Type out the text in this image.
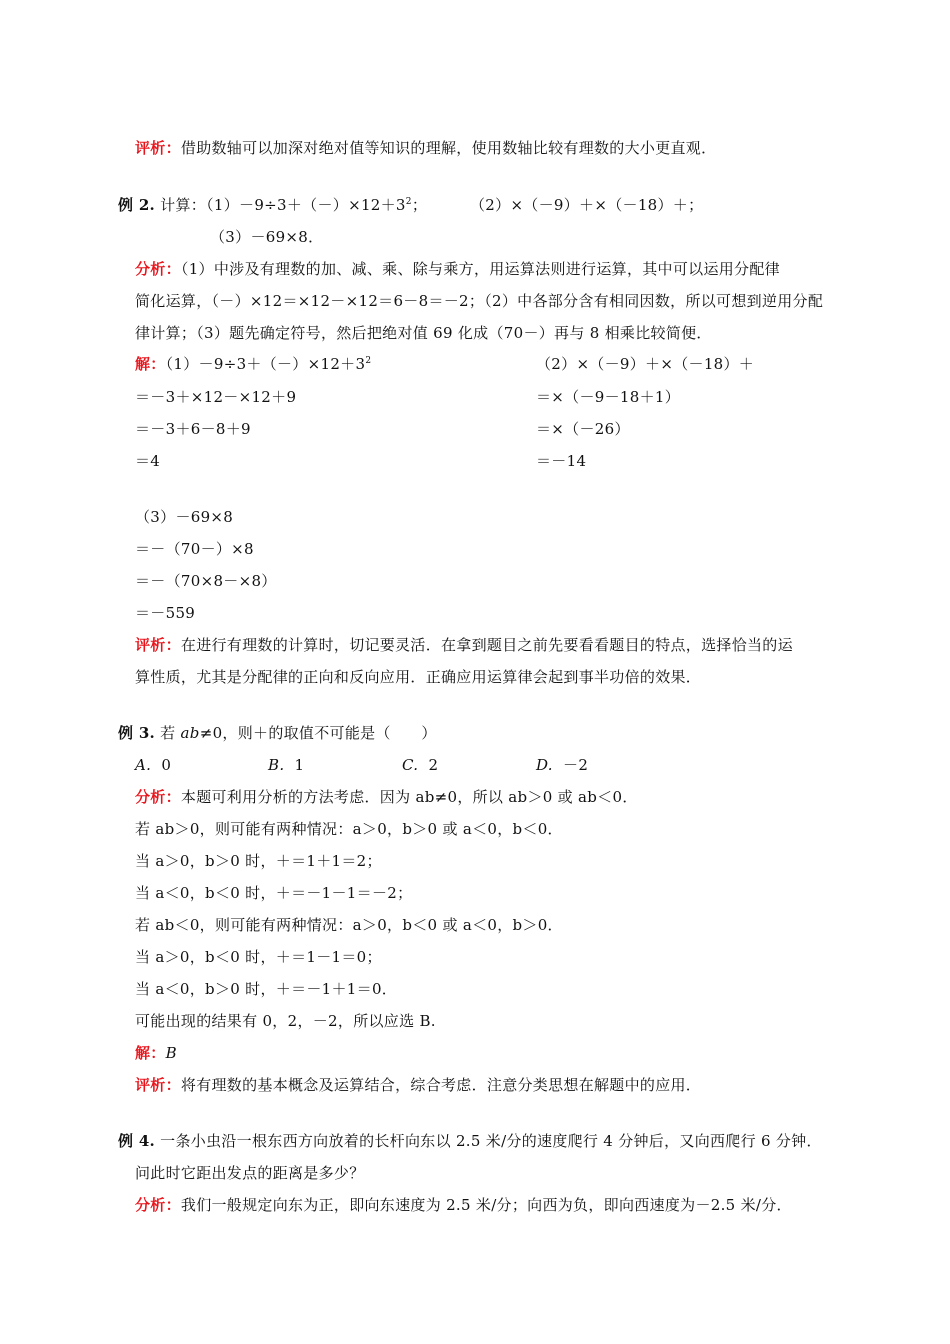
评析：借助数轴可以加深对绝对值等知识的理解，使用数轴比较有理数的大小更直观．
例 2. 计算：$(1)-9\div 3+(-)\times 12+3^2$；	（2）×（－9）＋×（－18）＋；
（3）－69×8．
分析：（1）中涉及有理数的加、减、乘、除与乘方，用运算法则进行运算，其中可以运用分配律
简化运算，（－）×12＝×12－×12＝6－8＝－2；（2）中各部分含有相同因数，所以可想到逆用分配
律计算；（3）题先确定符号，然后把绝对值 69 化成（70－）再与 8 相乘比较简便．
解：$(1)-9\div 3+(-)\times 12+3^2$
＝－3＋×12－×12＋9
＝－3＋6－8＋9
＝4
（2）×（－9）＋×（－18）＋
＝×（－9－18＋1）
＝×（－26）
＝－14
（3）－69×8
＝－（70－）×8
＝－（70×8－×8）
＝－559
评析：在进行有理数的计算时，切记要灵活．在拿到题目之前先要看看题目的特点，选择恰当的运
算性质，尤其是分配律的正向和反向应用．正确应用运算律会起到事半功倍的效果．
例 3. 若 ab≠0，则＋的取值不可能是（　　）
A. 0	B. 1	C. 2	D. －2
分析：本题可利用分析的方法考虑．因为 ab≠0，所以 ab＞0 或 ab＜0．
若 ab＞0，则可能有两种情况：a＞0，b＞0 或 a＜0，b＜0．
当 a＞0，b＞0 时，＋＝1＋1＝2；
当 a＜0，b＜0 时，＋＝－1－1＝－2；
若 ab＜0，则可能有两种情况：a＞0，b＜0 或 a＜0，b＞0．
当 a＞0，b＜0 时，＋＝1－1＝0；
当 a＜0，b＞0 时，＋＝－1＋1＝0．
可能出现的结果有 0，2，－2，所以应选 B.
解：B
评析：将有理数的基本概念及运算结合，综合考虑．注意分类思想在解题中的应用．
例 4. 一条小虫沿一根东西方向放着的长杆向东以 2.5 米/分的速度爬行 4 分钟后，又向西爬行 6 分钟．
问此时它距出发点的距离是多少？
分析：我们一般规定向东为正，即向东速度为 2.5 米/分；向西为负，即向西速度为－2.5 米/分．
